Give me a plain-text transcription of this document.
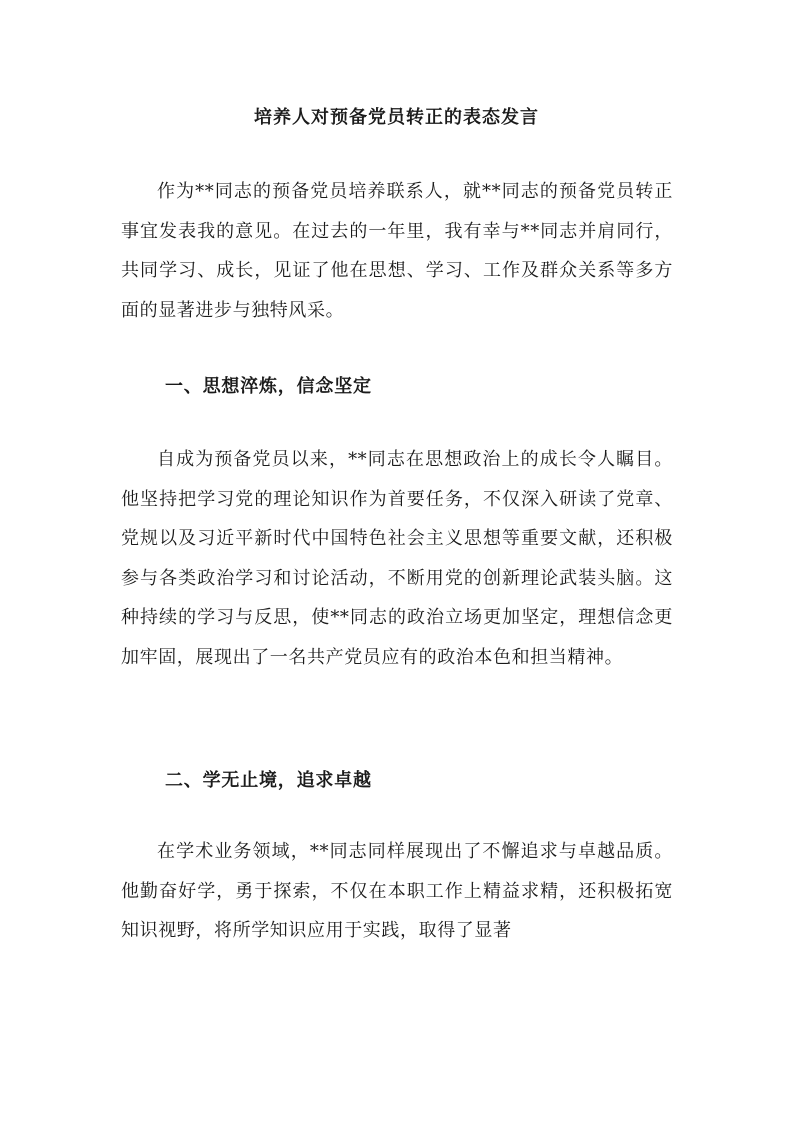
培养人对预备党员转正的表态发言

作为**同志的预备党员培养联系人，就**同志的预备党员转正事宜发表我的意见。在过去的一年里，我有幸与**同志并肩同行，共同学习、成长，见证了他在思想、学习、工作及群众关系等多方面的显著进步与独特风采。

一、思想淬炼，信念坚定

自成为预备党员以来，**同志在思想政治上的成长令人瞩目。他坚持把学习党的理论知识作为首要任务，不仅深入研读了党章、党规以及习近平新时代中国特色社会主义思想等重要文献，还积极参与各类政治学习和讨论活动，不断用党的创新理论武装头脑。这种持续的学习与反思，使**同志的政治立场更加坚定，理想信念更加牢固，展现出了一名共产党员应有的政治本色和担当精神。

二、学无止境，追求卓越

在学术业务领域，**同志同样展现出了不懈追求与卓越品质。他勤奋好学，勇于探索，不仅在本职工作上精益求精，还积极拓宽知识视野，将所学知识应用于实践，取得了显著
